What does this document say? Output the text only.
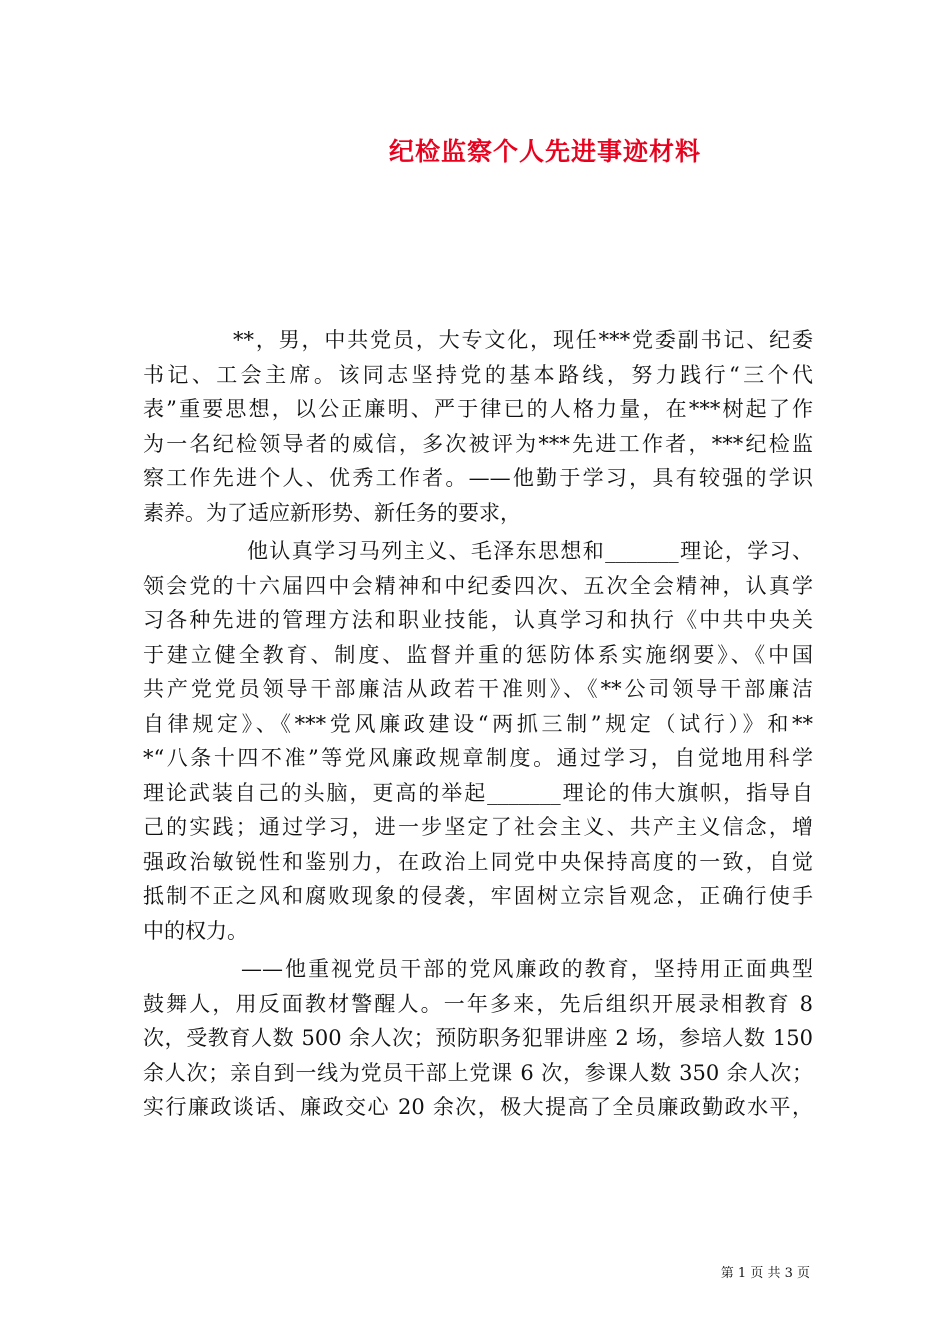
纪检监察个人先进事迹材料
**，男，中共党员，大专文化，现任***党委副书记、纪委
书记、工会主席。该同志坚持党的基本路线，努力践行“三个代
表”重要思想，以公正廉明、严于律已的人格力量，在***树起了作
为一名纪检领导者的威信，多次被评为***先进工作者，***纪检监
察工作先进个人、优秀工作者。——他勤于学习，具有较强的学识
素养。为了适应新形势、新任务的要求，
他认真学习马列主义、毛泽东思想和_______理论，学习、
领会党的十六届四中会精神和中纪委四次、五次全会精神，认真学
习各种先进的管理方法和职业技能，认真学习和执行《中共中央关
于建立健全教育、制度、监督并重的惩防体系实施纲要》、《中国
共产党党员领导干部廉洁从政若干准则》、《**公司领导干部廉洁
自律规定》、《***党风廉政建设“两抓三制”规定（试行）》和**
*“八条十四不准”等党风廉政规章制度。通过学习，自觉地用科学
理论武装自己的头脑，更高的举起_______理论的伟大旗帜，指导自
己的实践；通过学习，进一步坚定了社会主义、共产主义信念，增
强政治敏锐性和鉴别力，在政治上同党中央保持高度的一致，自觉
抵制不正之风和腐败现象的侵袭，牢固树立宗旨观念，正确行使手
中的权力。
——他重视党员干部的党风廉政的教育，坚持用正面典型
鼓舞人，用反面教材警醒人。一年多来，先后组织开展录相教育 8
次，受教育人数 500 余人次；预防职务犯罪讲座 2 场，参培人数 150
余人次；亲自到一线为党员干部上党课 6 次，参课人数 350 余人次；
实行廉政谈话、廉政交心 20 余次，极大提高了全员廉政勤政水平，
第 1 页 共 3 页
